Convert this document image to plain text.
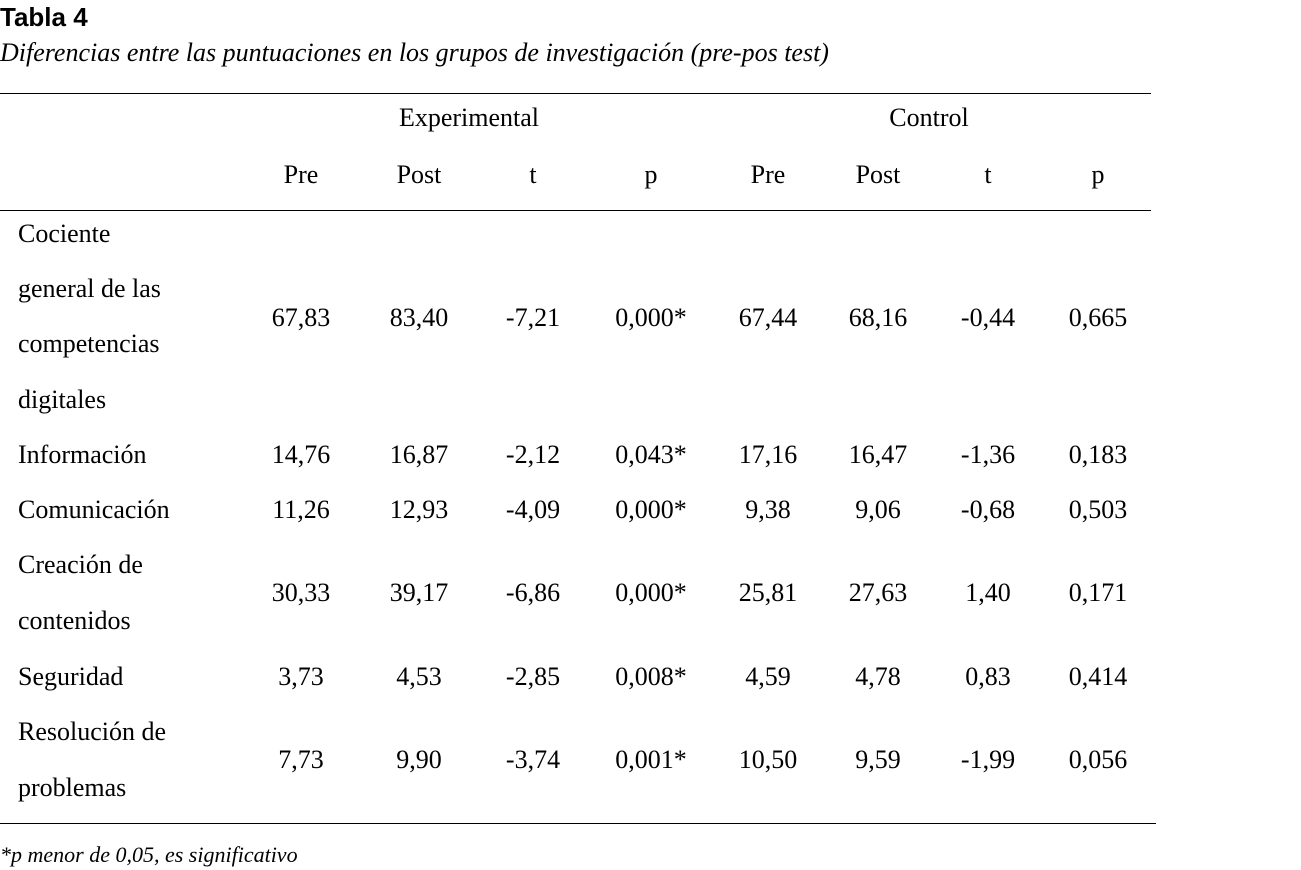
Tabla 4
Diferencias entre las puntuaciones en los grupos de investigación (pre-pos test)
Experimental	Control
Pre	Post	t	p	Pre	Post	t	p
Cociente
general de las
competencias
digitales
67,83 83,40 -7,21 0,000* 67,44 68,16 -0,44 0,665
Información	14,76 16,87 -2,12 0,043* 17,16 16,47 -1,36 0,183
Comunicación	11,26 12,93 -4,09 0,000* 9,38 9,06 -0,68 0,503
Creación de
contenidos
30,33 39,17 -6,86 0,000* 25,81 27,63 1,40 0,171
Seguridad	3,73	4,53 -2,85 0,008* 4,59 4,78 0,83 0,414
Resolución de
problemas
7,73	9,90 -3,74 0,001* 10,50 9,59 -1,99 0,056
*p menor de 0,05, es significativo
